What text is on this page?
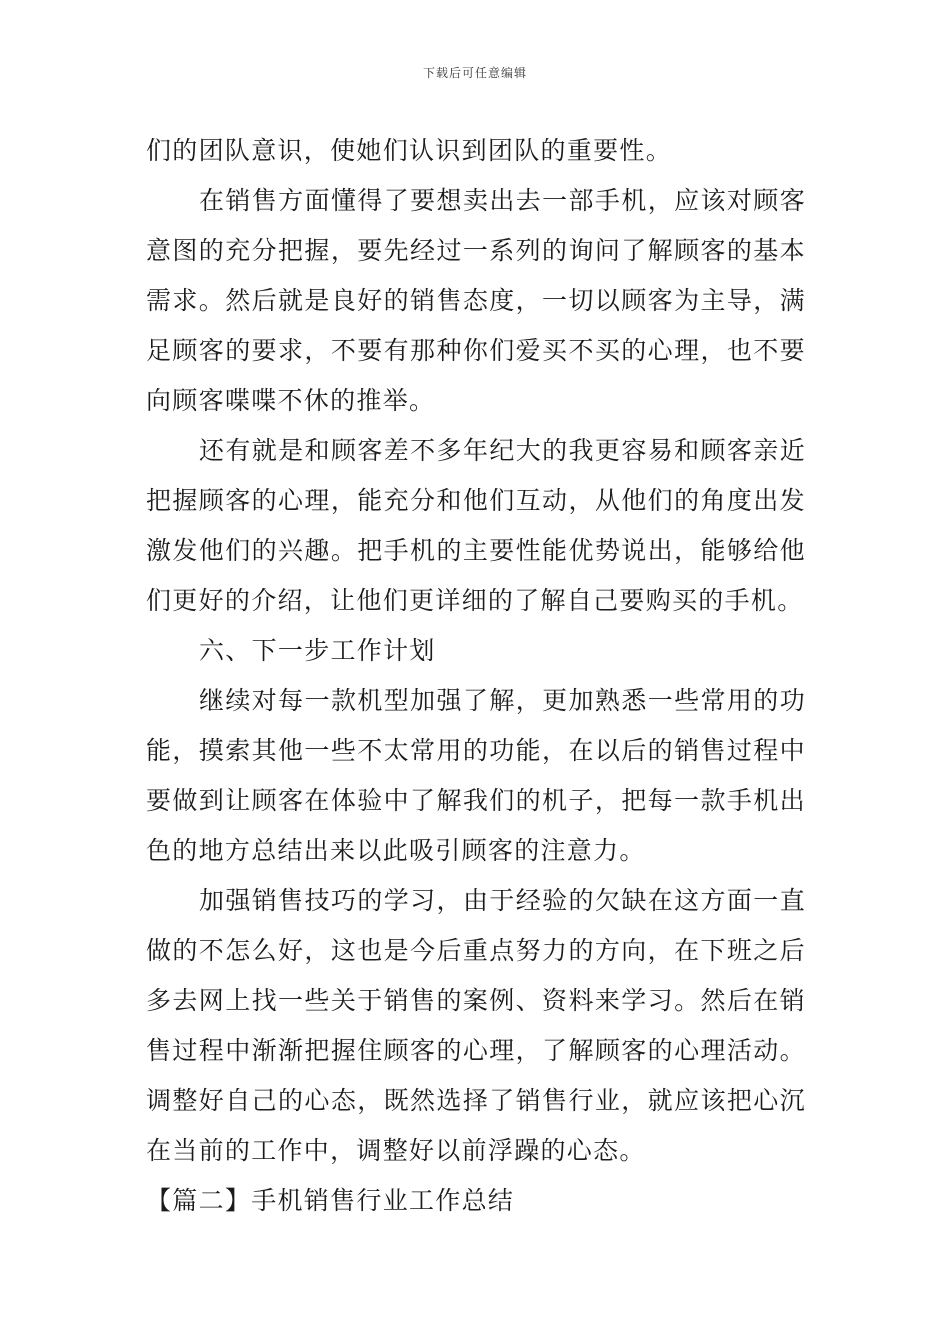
下载后可任意编辑

们的团队意识，使她们认识到团队的重要性。

在销售方面懂得了要想卖出去一部手机，应该对顾客意图的充分把握，要先经过一系列的询问了解顾客的基本需求。然后就是良好的销售态度，一切以顾客为主导，满足顾客的要求，不要有那种你们爱买不买的心理，也不要向顾客喋喋不休的推举。

还有就是和顾客差不多年纪大的我更容易和顾客亲近把握顾客的心理，能充分和他们互动，从他们的角度出发激发他们的兴趣。把手机的主要性能优势说出，能够给他们更好的介绍，让他们更详细的了解自己要购买的手机。

六、下一步工作计划

继续对每一款机型加强了解，更加熟悉一些常用的功能，摸索其他一些不太常用的功能，在以后的销售过程中要做到让顾客在体验中了解我们的机子，把每一款手机出色的地方总结出来以此吸引顾客的注意力。

加强销售技巧的学习，由于经验的欠缺在这方面一直做的不怎么好，这也是今后重点努力的方向，在下班之后多去网上找一些关于销售的案例、资料来学习。然后在销售过程中渐渐把握住顾客的心理，了解顾客的心理活动。调整好自己的心态，既然选择了销售行业，就应该把心沉在当前的工作中，调整好以前浮躁的心态。

【篇二】手机销售行业工作总结
